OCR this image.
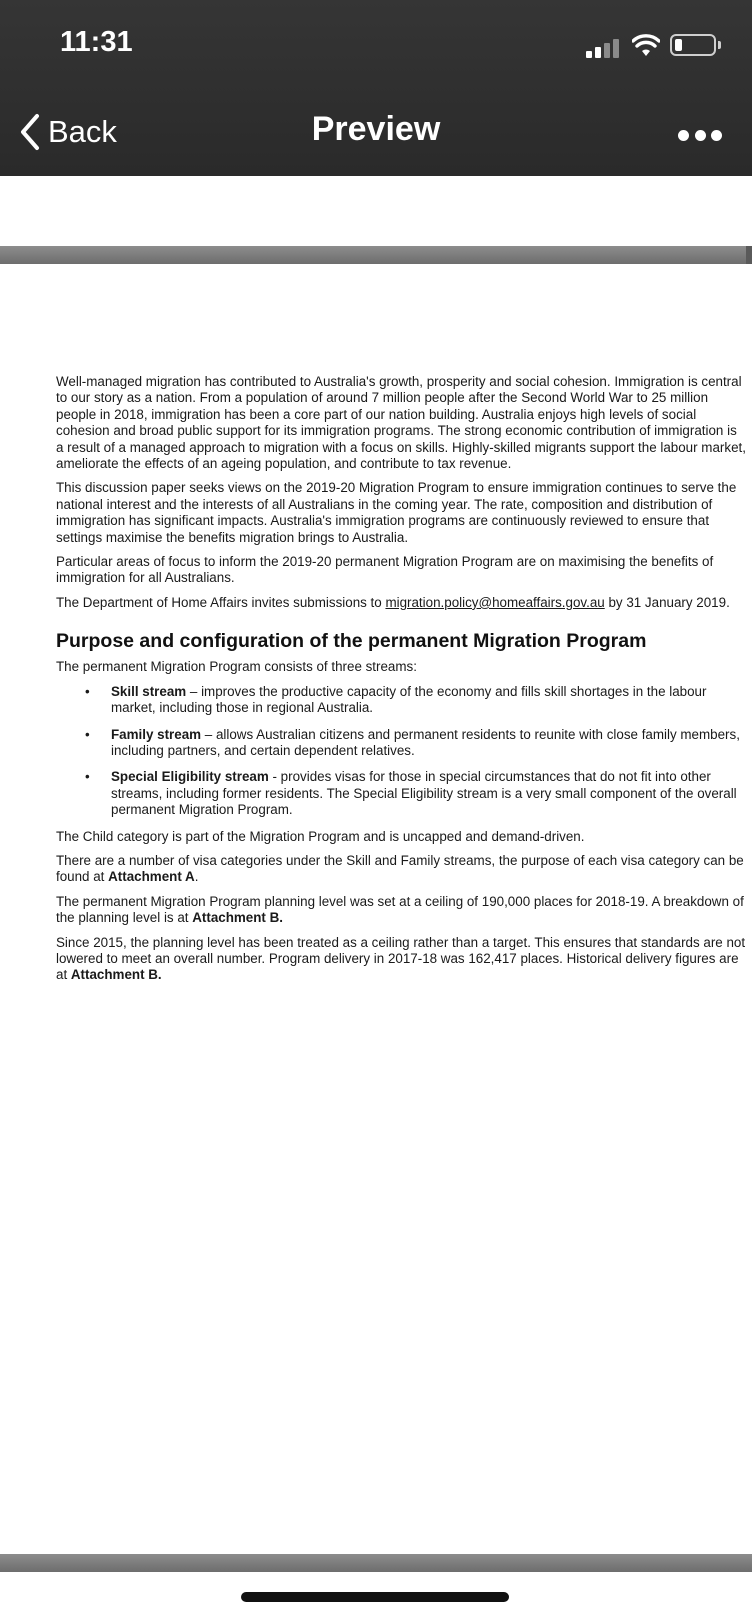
11:31
Back	Preview

Well-managed migration has contributed to Australia's growth, prosperity and social cohesion. Immigration is central to our story as a nation. From a population of around 7 million people after the Second World War to 25 million people in 2018, immigration has been a core part of our nation building. Australia enjoys high levels of social cohesion and broad public support for its immigration programs. The strong economic contribution of immigration is a result of a managed approach to migration with a focus on skills. Highly-skilled migrants support the labour market, ameliorate the effects of an ageing population, and contribute to tax revenue.

This discussion paper seeks views on the 2019-20 Migration Program to ensure immigration continues to serve the national interest and the interests of all Australians in the coming year. The rate, composition and distribution of immigration has significant impacts. Australia's immigration programs are continuously reviewed to ensure that settings maximise the benefits migration brings to Australia.

Particular areas of focus to inform the 2019-20 permanent Migration Program are on maximising the benefits of immigration for all Australians.

The Department of Home Affairs invites submissions to migration.policy@homeaffairs.gov.au by 31 January 2019.

Purpose and configuration of the permanent Migration Program

The permanent Migration Program consists of three streams:

• Skill stream – improves the productive capacity of the economy and fills skill shortages in the labour market, including those in regional Australia.
• Family stream – allows Australian citizens and permanent residents to reunite with close family members, including partners, and certain dependent relatives.
• Special Eligibility stream - provides visas for those in special circumstances that do not fit into other streams, including former residents. The Special Eligibility stream is a very small component of the overall permanent Migration Program.

The Child category is part of the Migration Program and is uncapped and demand-driven.

There are a number of visa categories under the Skill and Family streams, the purpose of each visa category can be found at Attachment A.

The permanent Migration Program planning level was set at a ceiling of 190,000 places for 2018-19. A breakdown of the planning level is at Attachment B.

Since 2015, the planning level has been treated as a ceiling rather than a target. This ensures that standards are not lowered to meet an overall number. Program delivery in 2017-18 was 162,417 places. Historical delivery figures are at Attachment B.
